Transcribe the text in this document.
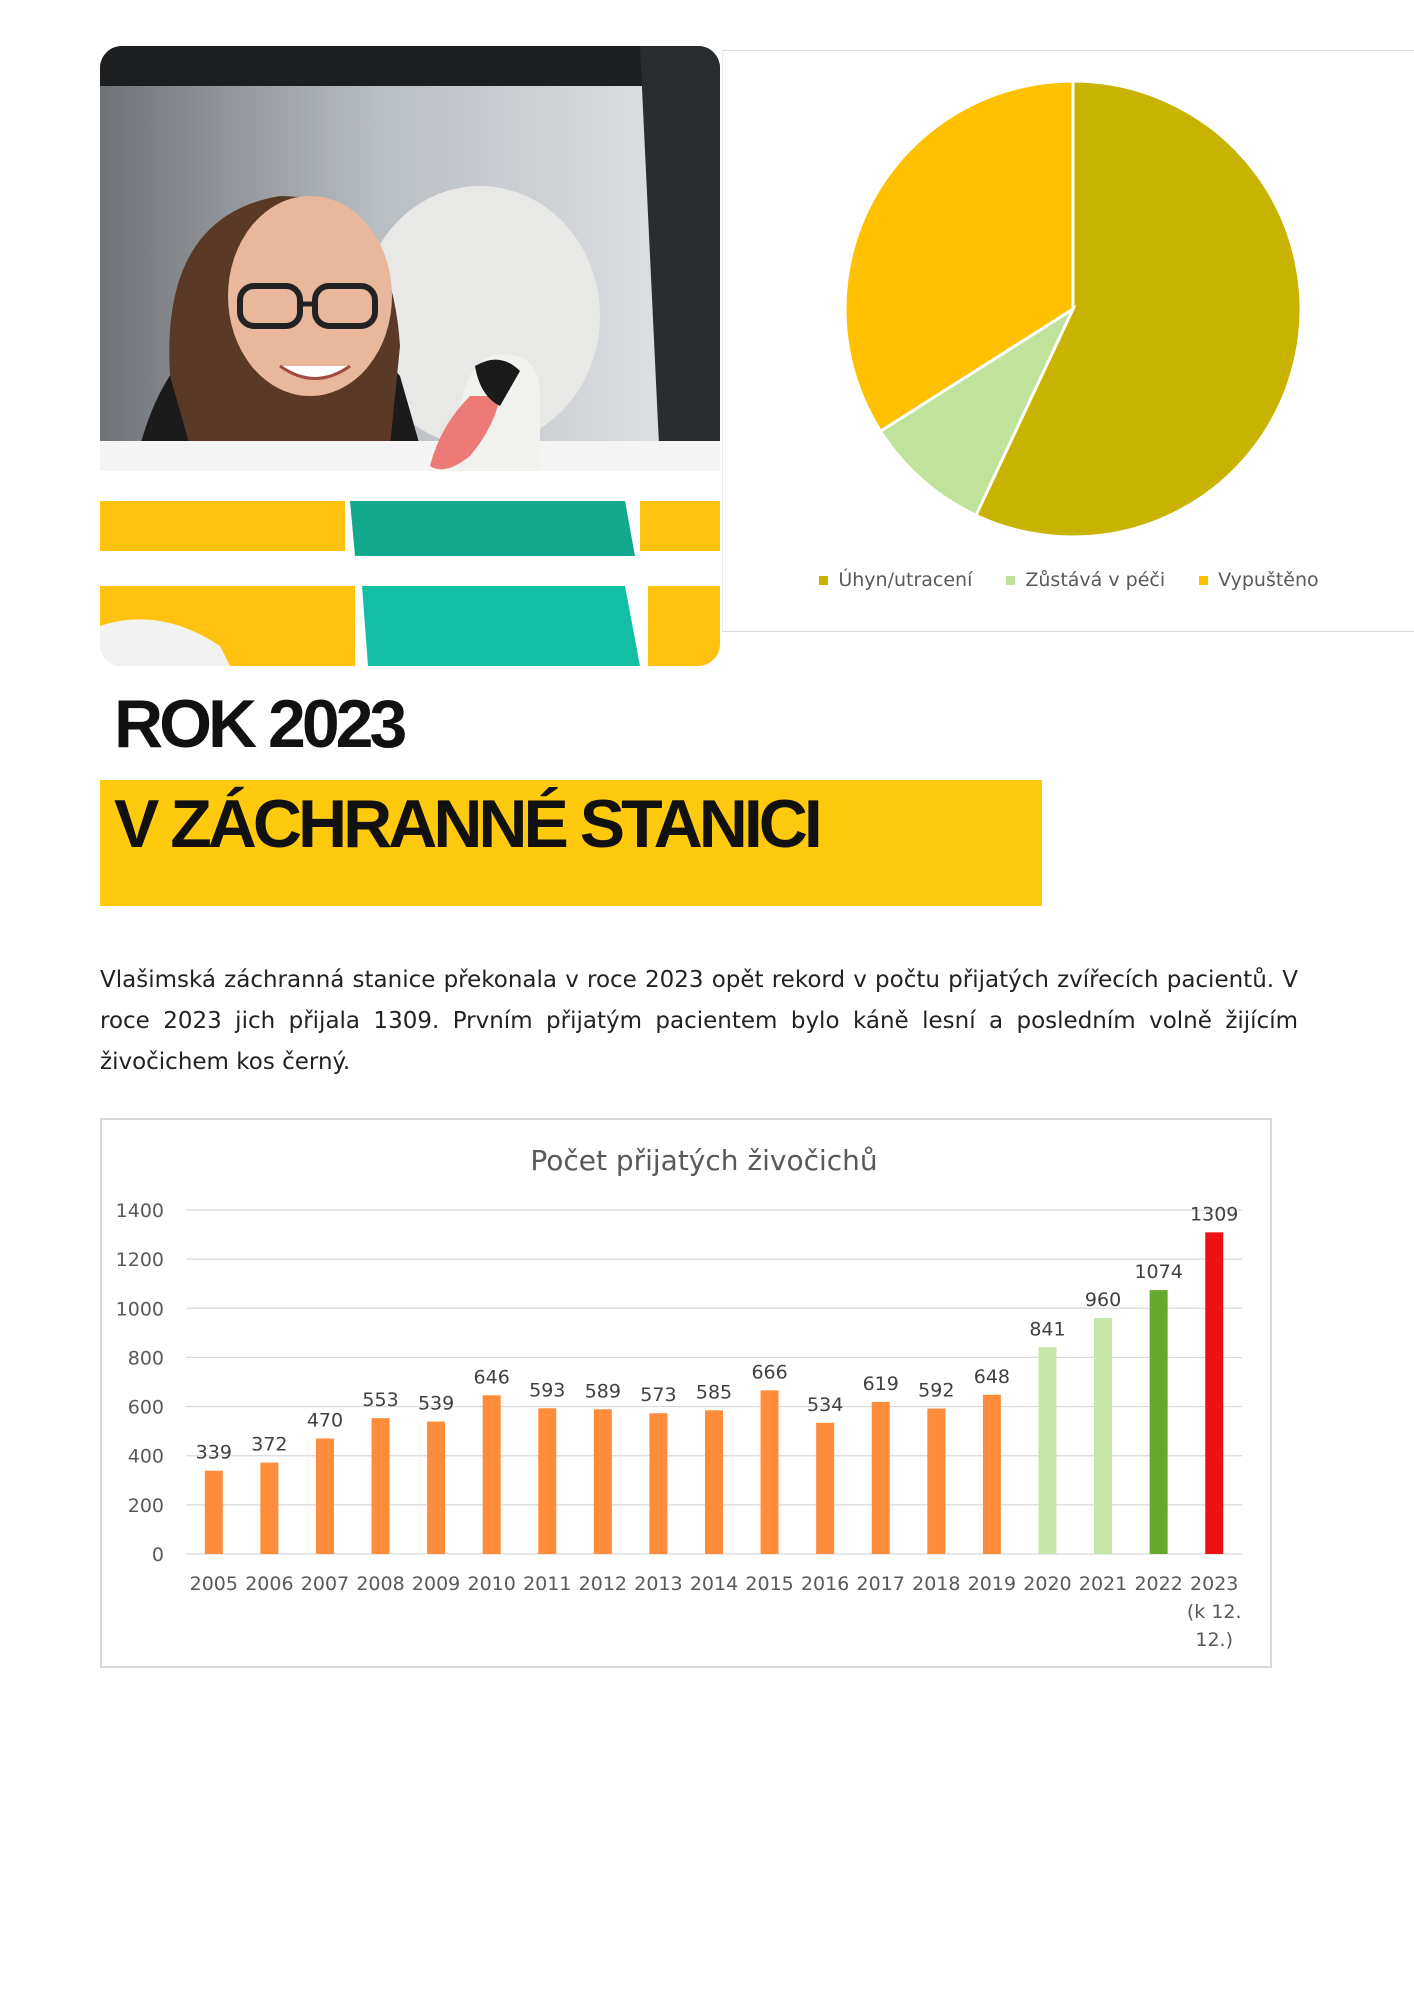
Úhyn/utracení	Zůstává v péči	Vypuštěno
ROK 2023
V ZÁCHRANNÉ STANICI
Vlašimská záchranná stanice překonala v roce 2023 opět rekord v počtu přijatých zvířecích pacientů. V roce 2023 jich přijala 1309. Prvním přijatým pacientem bylo káně lesní a posledním volně žijícím živočichem kos černý.
Počet přijatých živočichů
0
200
400
600
800
1000
1200
1400
339
2005
372
2006
470
2007
553
2008
539
2009
646
2010
593
2011
589
2012
573
2013
585
2014
666
2015
534
2016
619
2017
592
2018
648
2019
841
2020
960
2021
1074
2022
1309
2023
(k 12.
12.)
